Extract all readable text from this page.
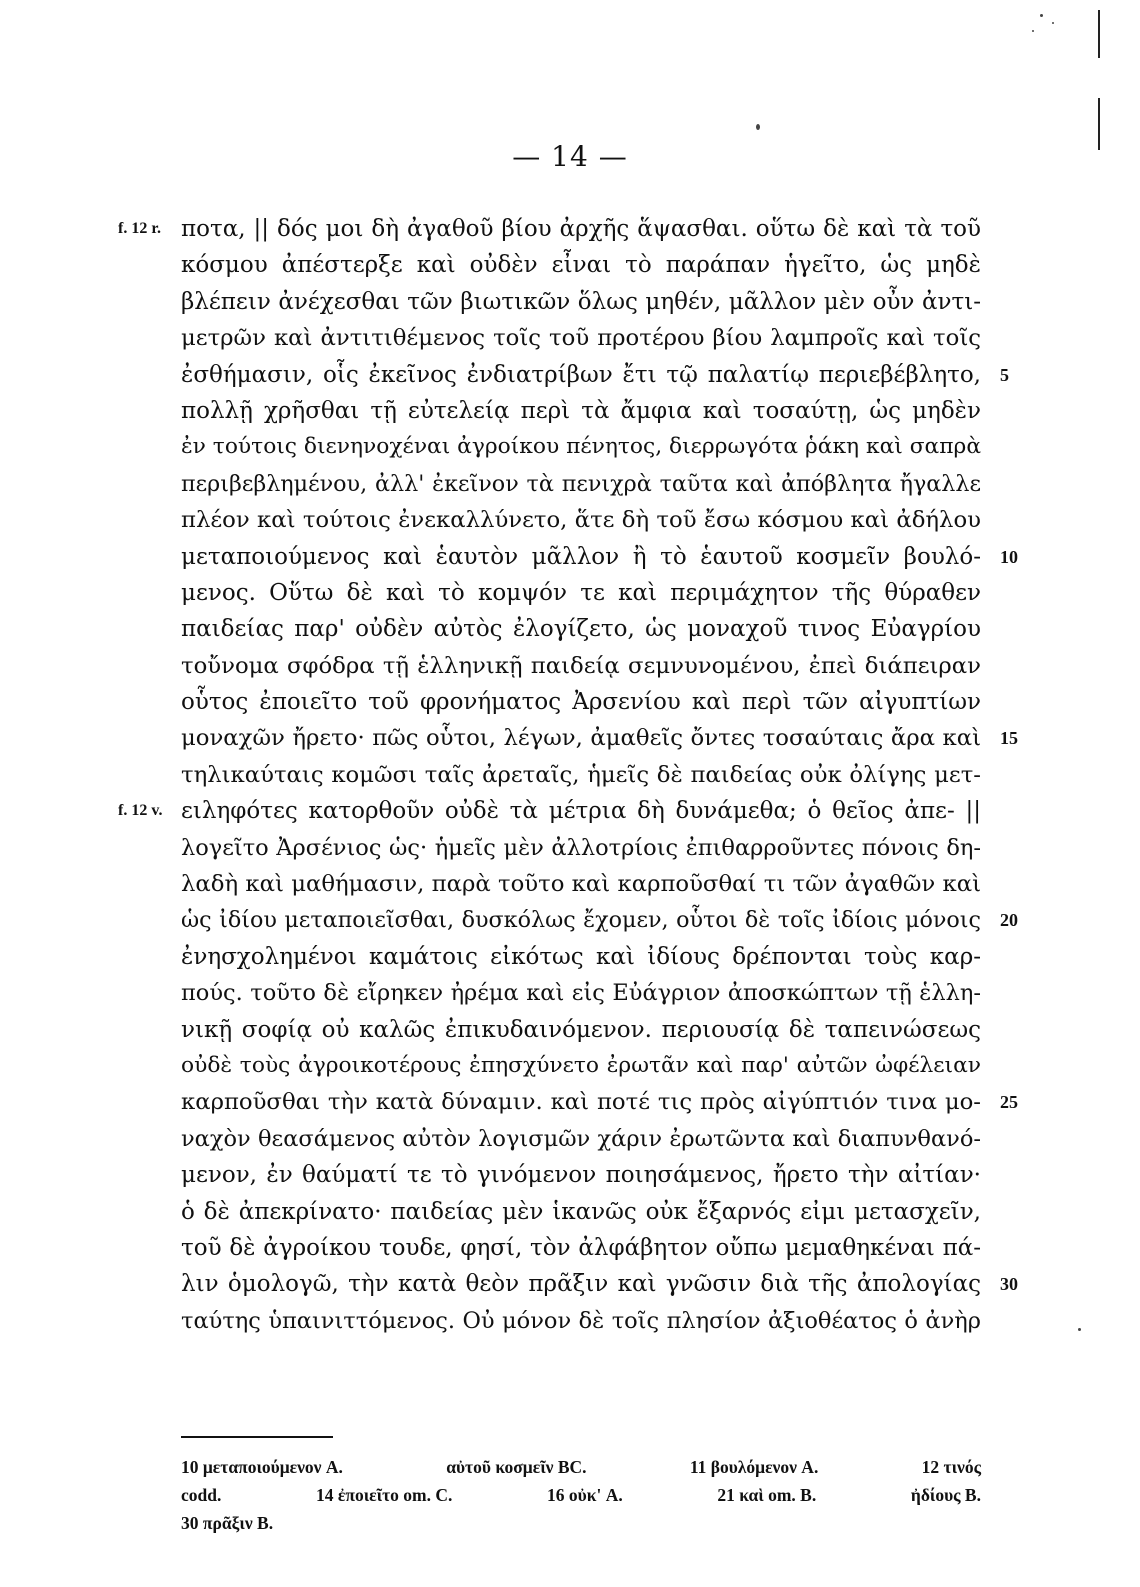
— 14 —
f. 12 r. ποτα, || δός μοι δὴ ἀγαθοῦ βίου ἀρχῆς ἅψασθαι. οὕτω δὲ καὶ τὰ τοῦ
κόσμου ἀπέστερξε καὶ οὐδὲν εἶναι τὸ παράπαν ἡγεῖτο, ὡς μηδὲ
βλέπειν ἀνέχεσθαι τῶν βιωτικῶν ὅλως μηθέν, μᾶλλον μὲν οὖν ἀντι-
μετρῶν καὶ ἀντιτιθέμενος τοῖς τοῦ προτέρου βίου λαμπροῖς καὶ τοῖς
ἐσθήμασιν, οἷς ἐκεῖνος ἐνδιατρίβων ἔτι τῷ παλατίῳ περιεβέβλητο, 5
πολλῇ χρῆσθαι τῇ εὐτελείᾳ περὶ τὰ ἄμφια καὶ τοσαύτῃ, ὡς μηδὲν
ἐν τούτοις διενηνοχέναι ἀγροίκου πένητος, διερρωγότα ῥάκη καὶ σαπρὰ
περιβεβλημένου, ἀλλ' ἐκεῖνον τὰ πενιχρὰ ταῦτα καὶ ἀπόβλητα ἤγαλλε
πλέον καὶ τούτοις ἐνεκαλλύνετο, ἅτε δὴ τοῦ ἔσω κόσμου καὶ ἀδήλου
μεταποιούμενος καὶ ἑαυτὸν μᾶλλον ἢ τὸ ἑαυτοῦ κοσμεῖν βουλό- 10
μενος. Οὕτω δὲ καὶ τὸ κομψόν τε καὶ περιμάχητον τῆς θύραθεν
παιδείας παρ' οὐδὲν αὐτὸς ἐλογίζετο, ὡς μοναχοῦ τινος Εὐαγρίου
τοὔνομα σφόδρα τῇ ἑλληνικῇ παιδείᾳ σεμνυνομένου, ἐπεὶ διάπειραν
οὗτος ἐποιεῖτο τοῦ φρονήματος Ἀρσενίου καὶ περὶ τῶν αἰγυπτίων
μοναχῶν ἤρετο· πῶς οὗτοι, λέγων, ἀμαθεῖς ὄντες τοσαύταις ἄρα καὶ 15
τηλικαύταις κομῶσι ταῖς ἀρεταῖς, ἡμεῖς δὲ παιδείας οὐκ ὀλίγης μετ-
f. 12 v. ειληφότες κατορθοῦν οὐδὲ τὰ μέτρια δὴ δυνάμεθα; ὁ θεῖος ἀπε- ||
λογεῖτο Ἀρσένιος ὡς· ἡμεῖς μὲν ἀλλοτρίοις ἐπιθαρροῦντες πόνοις δη-
λαδὴ καὶ μαθήμασιν, παρὰ τοῦτο καὶ καρποῦσθαί τι τῶν ἀγαθῶν καὶ
ὡς ἰδίου μεταποιεῖσθαι, δυσκόλως ἔχομεν, οὗτοι δὲ τοῖς ἰδίοις μόνοις 20
ἐνησχολημένοι καμάτοις εἰκότως καὶ ἰδίους δρέπονται τοὺς καρ-
πούς. τοῦτο δὲ εἴρηκεν ἠρέμα καὶ εἰς Εὐάγριον ἀποσκώπτων τῇ ἑλλη-
νικῇ σοφίᾳ οὐ καλῶς ἐπικυδαινόμενον. περιουσίᾳ δὲ ταπεινώσεως
οὐδὲ τοὺς ἀγροικοτέρους ἐπησχύνετο ἐρωτᾶν καὶ παρ' αὐτῶν ὠφέλειαν
καρποῦσθαι τὴν κατὰ δύναμιν. καὶ ποτέ τις πρὸς αἰγύπτιόν τινα μο- 25
ναχὸν θεασάμενος αὐτὸν λογισμῶν χάριν ἐρωτῶντα καὶ διαπυνθανό-
μενον, ἐν θαύματί τε τὸ γινόμενον ποιησάμενος, ἤρετο τὴν αἰτίαν·
ὁ δὲ ἀπεκρίνατο· παιδείας μὲν ἱκανῶς οὐκ ἔξαρνός εἰμι μετασχεῖν,
τοῦ δὲ ἀγροίκου τουδε, φησί, τὸν ἀλφάβητον οὔπω μεμαθηκέναι πά-
λιν ὁμολογῶ, τὴν κατὰ θεὸν πρᾶξιν καὶ γνῶσιν διὰ τῆς ἀπολογίας 30
ταύτης ὑπαινιττόμενος. Οὐ μόνον δὲ τοῖς πλησίον ἀξιοθέατος ὁ ἀνὴρ
10 μεταποιούμενον A.	αὐτοῦ κοσμεῖν BC.	11 βουλόμενον A.	12 τινός
codd.	14 ἐποιεῖτο om. C.	16 οὐκ' A.	21 καὶ om. B.	ἠδίους B.
30 πρᾶξιν B.
